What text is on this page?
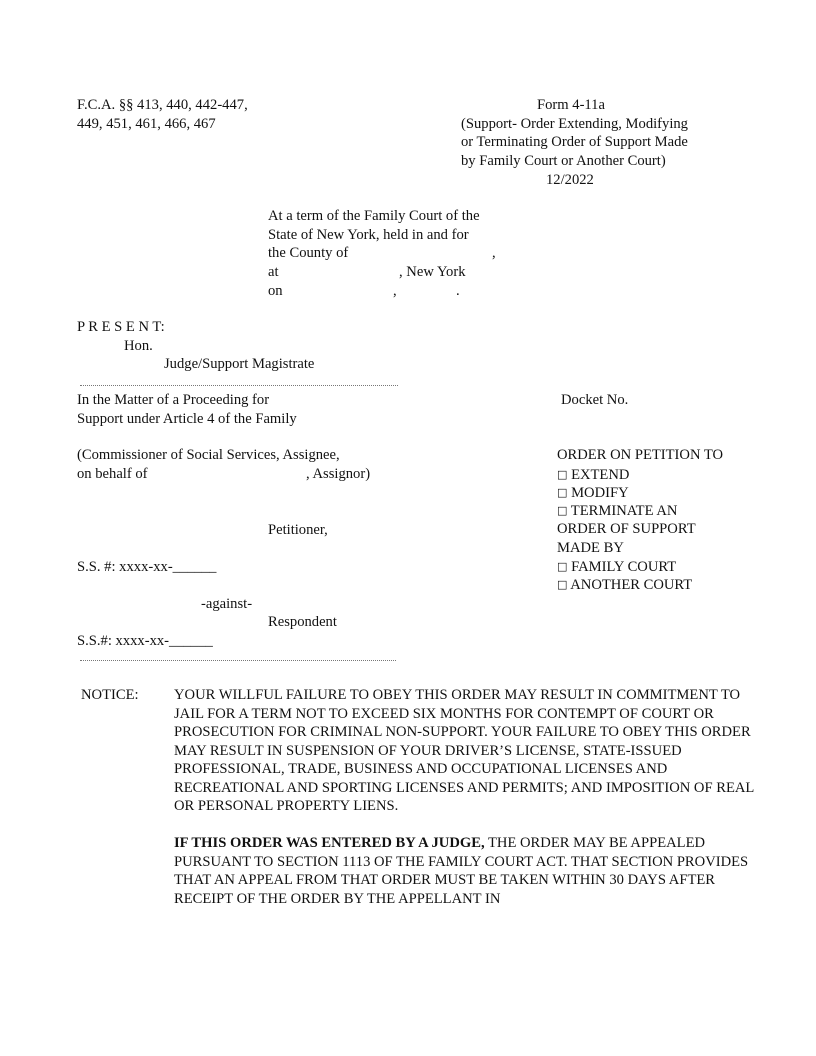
F.C.A. §§ 413, 440, 442-447,
449, 451, 461, 466, 467
Form 4-11a
(Support- Order Extending, Modifying
or Terminating Order of Support Made
by Family Court or Another Court)
12/2022
At a term of the Family Court of the
State of New York, held in and for
the County of	,
at	, New York
on	,	.
P R E S E N T:
Hon.
Judge/Support Magistrate
In the Matter of a Proceeding for
Support under Article 4 of the Family
Docket No.
(Commissioner of Social Services, Assignee,
on behalf of	, Assignor)
Petitioner,
S.S. #: xxxx-xx-______
-against-
Respondent
S.S.#: xxxx-xx-______
ORDER ON PETITION TO
□ EXTEND
□ MODIFY
□ TERMINATE AN
ORDER OF SUPPORT
MADE BY
□ FAMILY COURT
□ ANOTHER COURT
NOTICE: YOUR WILLFUL FAILURE TO OBEY THIS ORDER MAY RESULT IN COMMITMENT TO JAIL FOR A TERM NOT TO EXCEED SIX MONTHS FOR CONTEMPT OF COURT OR PROSECUTION FOR CRIMINAL NON-SUPPORT. YOUR FAILURE TO OBEY THIS ORDER MAY RESULT IN SUSPENSION OF YOUR DRIVER’S LICENSE, STATE-ISSUED PROFESSIONAL, TRADE, BUSINESS AND OCCUPATIONAL LICENSES AND RECREATIONAL AND SPORTING LICENSES AND PERMITS; AND IMPOSITION OF REAL OR PERSONAL PROPERTY LIENS.

IF THIS ORDER WAS ENTERED BY A JUDGE, THE ORDER MAY BE APPEALED PURSUANT TO SECTION 1113 OF THE FAMILY COURT ACT. THAT SECTION PROVIDES THAT AN APPEAL FROM THAT ORDER MUST BE TAKEN WITHIN 30 DAYS AFTER RECEIPT OF THE ORDER BY THE APPELLANT IN
